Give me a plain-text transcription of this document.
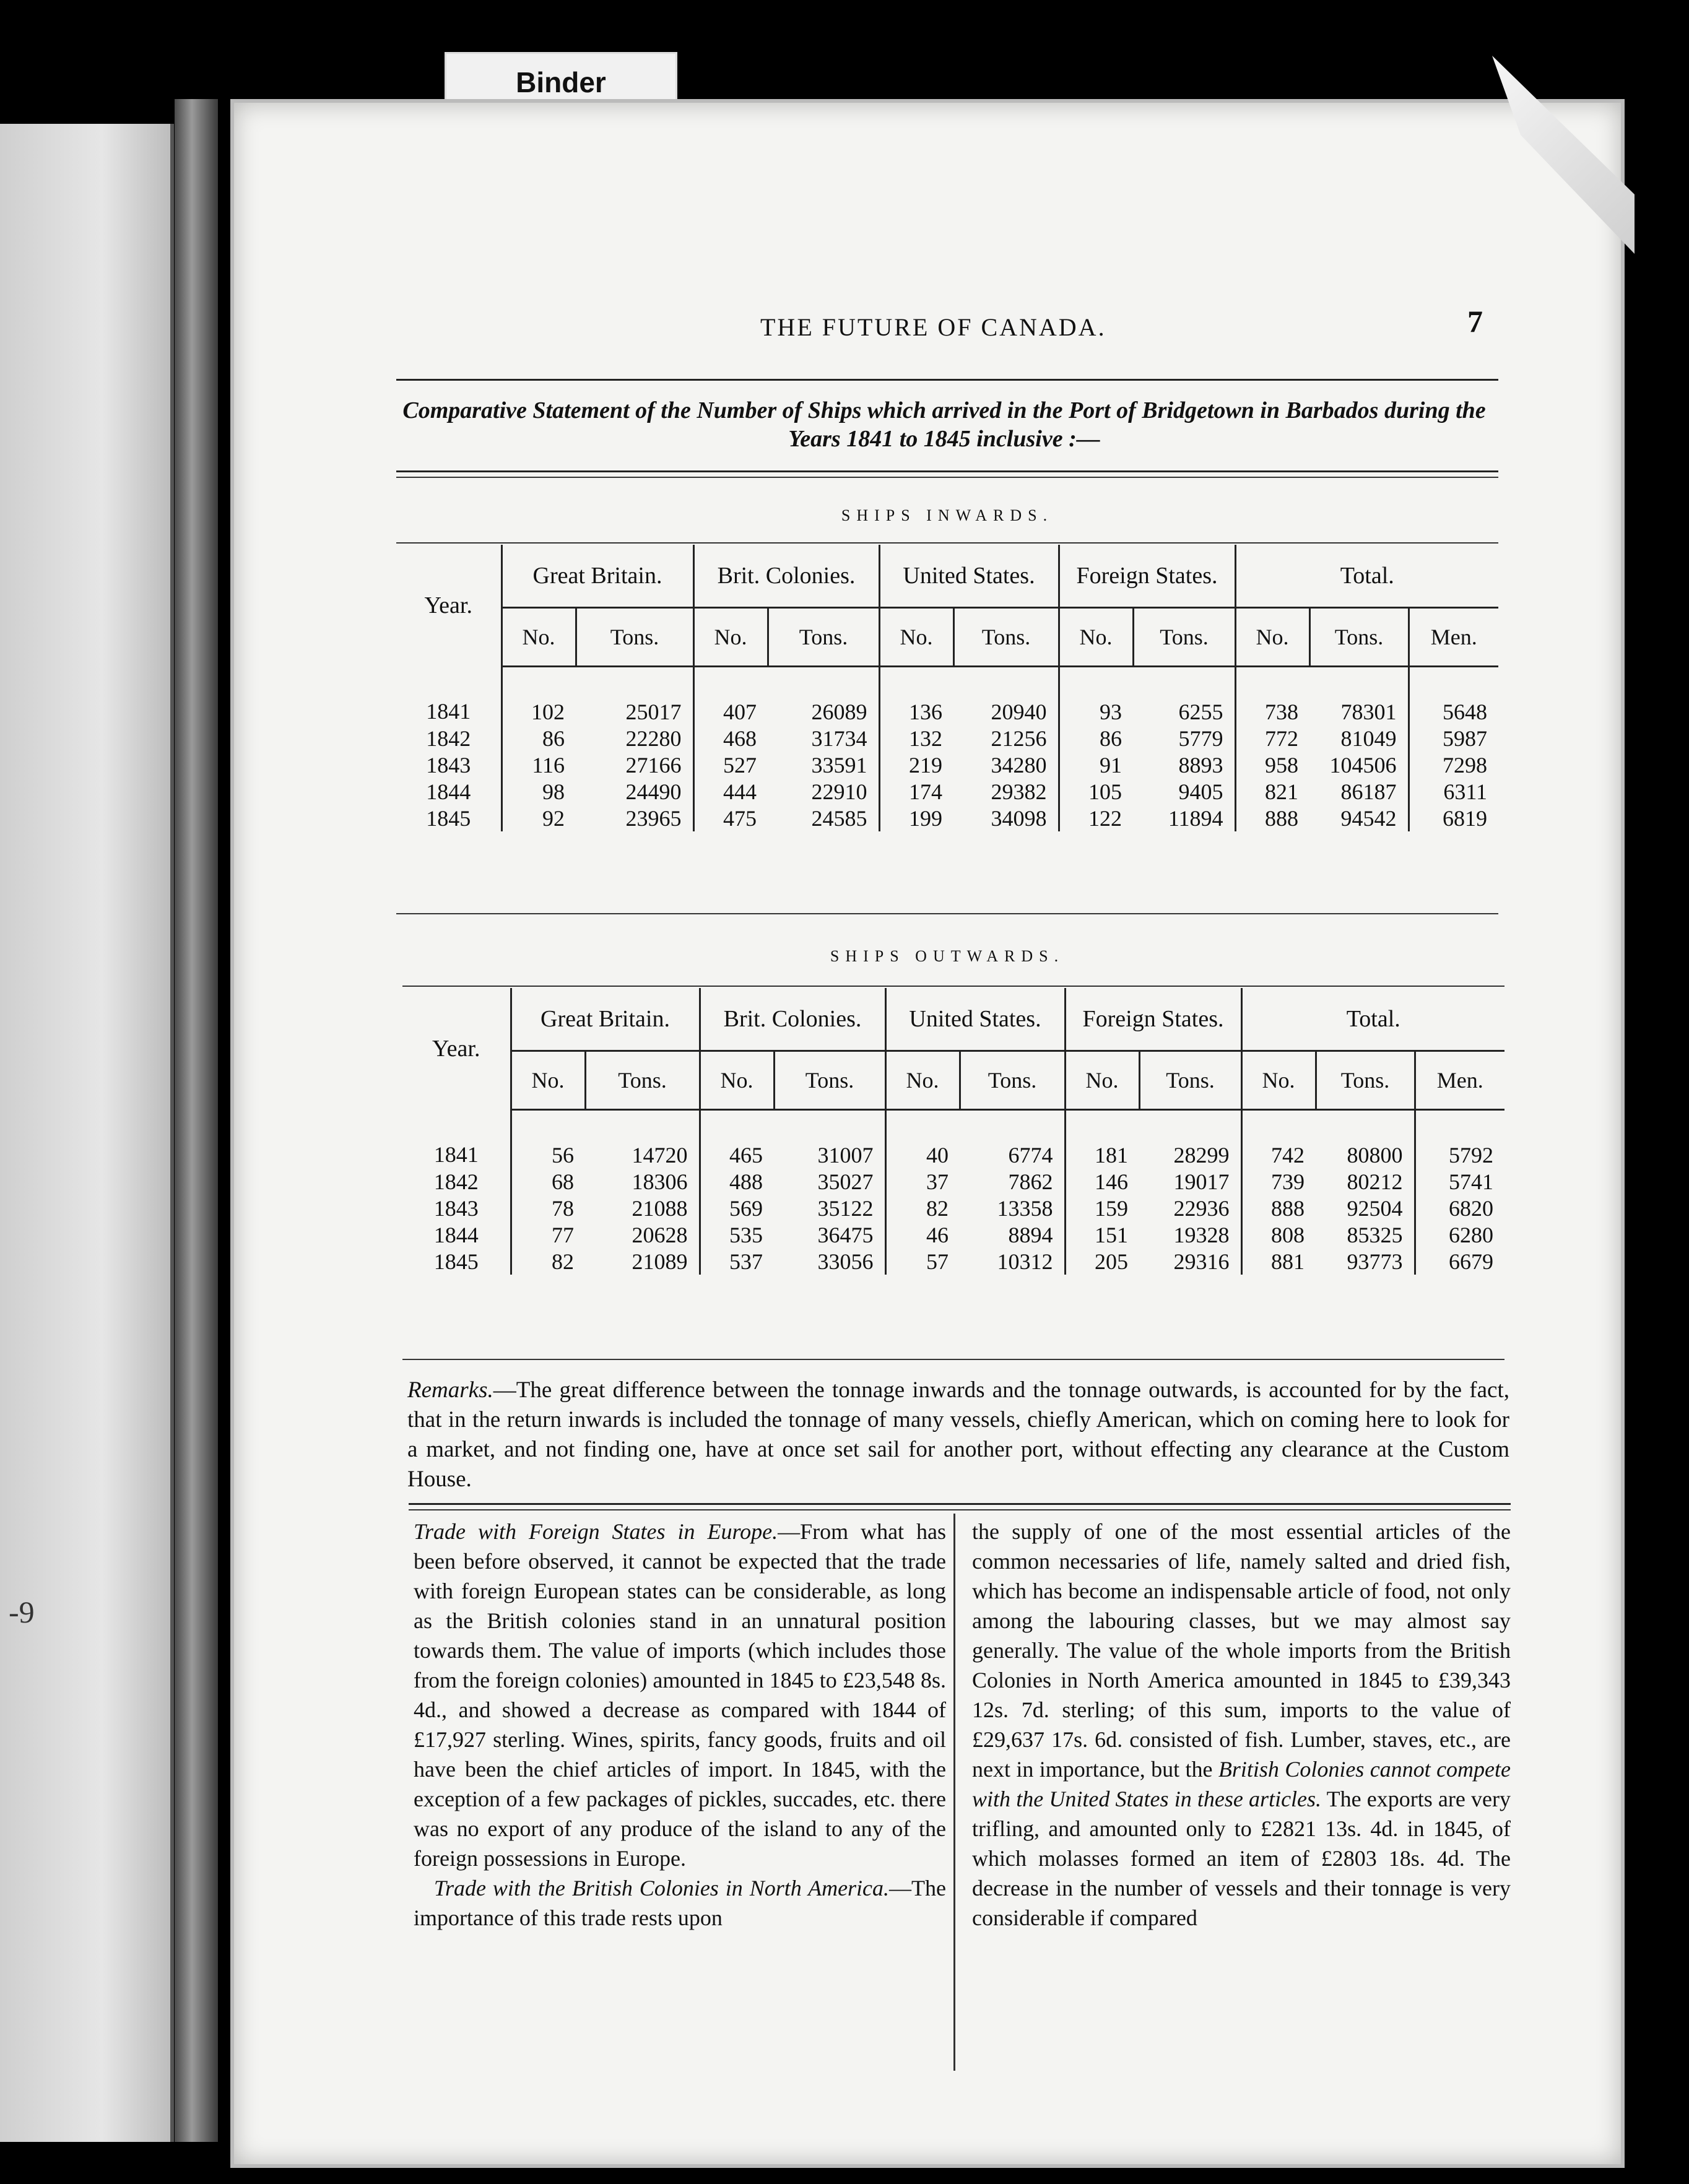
Binder
-9
THE FUTURE OF CANADA.	7
Comparative Statement of the Number of Ships which arrived in the Port of Bridgetown in Barbados during the Years 1841 to 1845 inclusive :—
SHIPS INWARDS.
Year.	Great Britain.		Brit. Colonies.		United States.		Foreign States.		Total.		
	No.	Tons.	No.	Tons.	No.	Tons.	No.	Tons.	No.	Tons.	Men.
1841	102	25017	407	26089	136	20940	93	6255	738	78301	5648
1842	86	22280	468	31734	132	21256	86	5779	772	81049	5987
1843	116	27166	527	33591	219	34280	91	8893	958	104506	7298
1844	98	24490	444	22910	174	29382	105	9405	821	86187	6311
1845	92	23965	475	24585	199	34098	122	11894	888	94542	6819
SHIPS OUTWARDS.
Year.	Great Britain.		Brit. Colonies.		United States.		Foreign States.		Total.		
	No.	Tons.	No.	Tons.	No.	Tons.	No.	Tons.	No.	Tons.	Men.
1841	56	14720	465	31007	40	6774	181	28299	742	80800	5792
1842	68	18306	488	35027	37	7862	146	19017	739	80212	5741
1843	78	21088	569	35122	82	13358	159	22936	888	92504	6820
1844	77	20628	535	36475	46	8894	151	19328	808	85325	6280
1845	82	21089	537	33056	57	10312	205	29316	881	93773	6679
Remarks.—The great difference between the tonnage inwards and the tonnage outwards, is accounted for by the fact, that in the return inwards is included the tonnage of many vessels, chiefly American, which on coming here to look for a market, and not finding one, have at once set sail for another port, without effecting any clearance at the Custom House.
Trade with Foreign States in Europe.—From what has been before observed, it cannot be expected that the trade with foreign European states can be considerable, as long as the British colonies stand in an unnatural position towards them. The value of imports (which includes those from the foreign colonies) amounted in 1845 to £23,548 8s. 4d., and showed a decrease as compared with 1844 of £17,927 sterling. Wines, spirits, fancy goods, fruits and oil have been the chief articles of import. In 1845, with the exception of a few packages of pickles, succades, etc. there was no export of any produce of the island to any of the foreign possessions in Europe.
Trade with the British Colonies in North America.—The importance of this trade rests upon
the supply of one of the most essential articles of the common necessaries of life, namely salted and dried fish, which has become an indispensable article of food, not only among the labouring classes, but we may almost say generally. The value of the whole imports from the British Colonies in North America amounted in 1845 to £39,343 12s. 7d. sterling; of this sum, imports to the value of £29,637 17s. 6d. consisted of fish. Lumber, staves, etc., are next in importance, but the British Colonies cannot compete with the United States in these articles. The exports are very trifling, and amounted only to £2821 13s. 4d. in 1845, of which molasses formed an item of £2803 18s. 4d. The decrease in the number of vessels and their tonnage is very considerable if compared
